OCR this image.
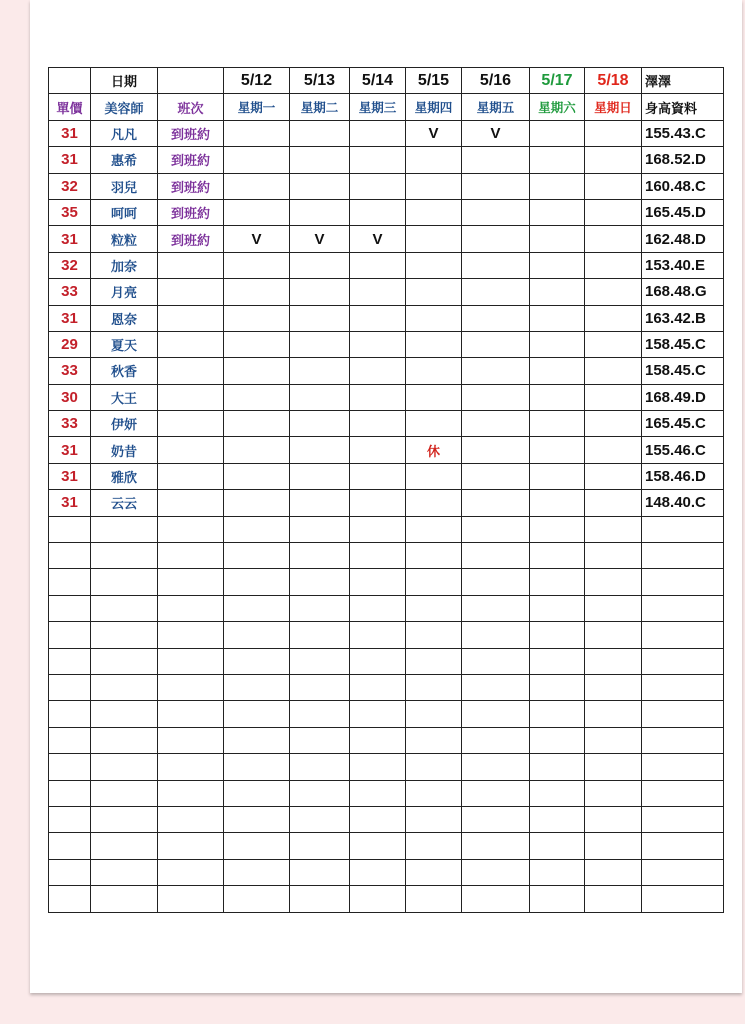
	日期		5/12	5/13	5/14	5/15	5/16	5/17	5/18	澤澤
單價	美容師	班次	星期一	星期二	星期三	星期四	星期五	星期六	星期日	身高資料
31	凡凡	到班約				V	V			155.43.C
31	惠希	到班約								168.52.D
32	羽兒	到班約								160.48.C
35	呵呵	到班約								165.45.D
31	粒粒	到班約	V	V	V					162.48.D
32	加奈									153.40.E
33	月亮									168.48.G
31	恩奈									163.42.B
29	夏天									158.45.C
33	秋香									158.45.C
30	大王									168.49.D
33	伊妍									165.45.C
31	奶昔					休				155.46.C
31	雅欣									158.46.D
31	云云									148.40.C
